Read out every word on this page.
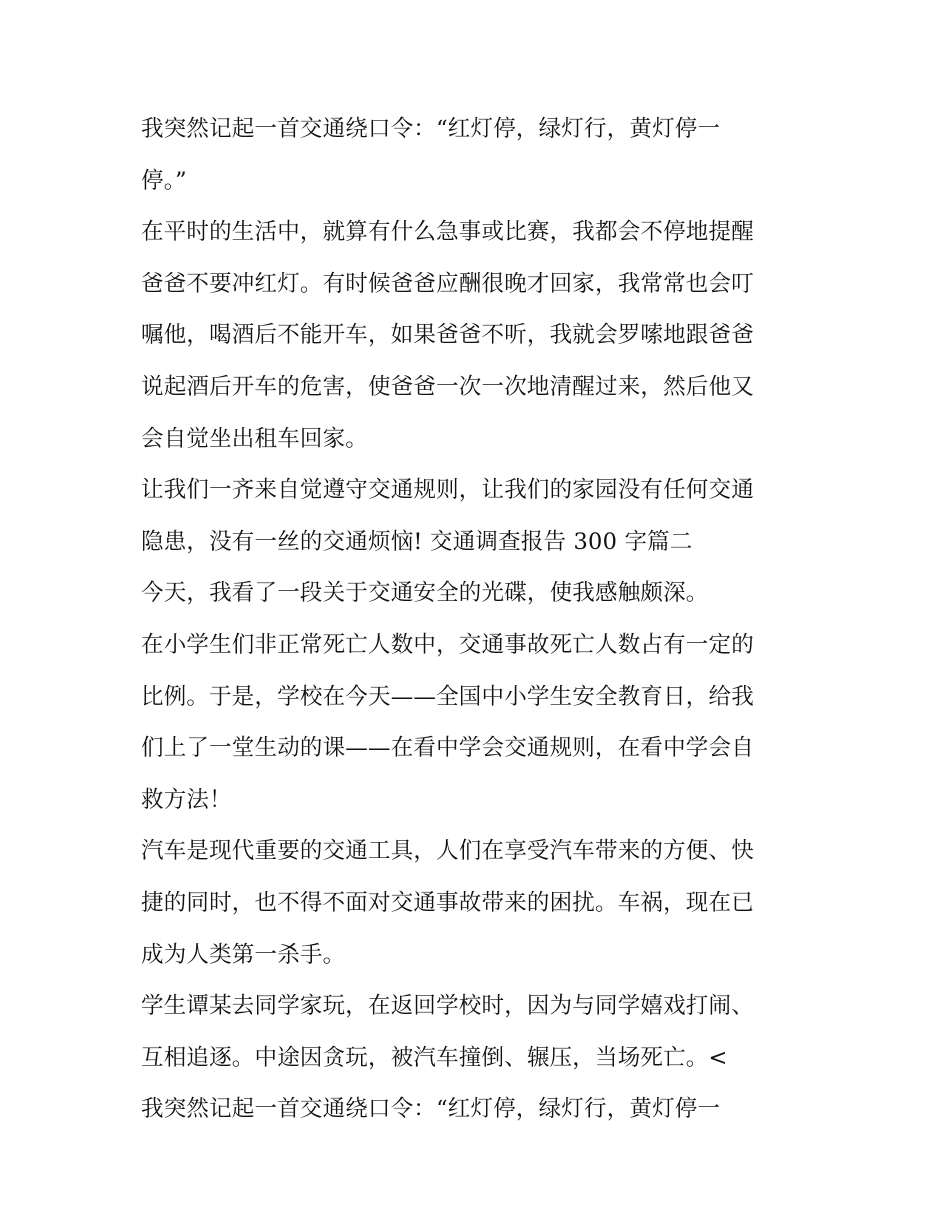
我突然记起一首交通绕口令：“红灯停，绿灯行，黄灯停一
停。”
在平时的生活中，就算有什么急事或比赛，我都会不停地提醒
爸爸不要冲红灯。有时候爸爸应酬很晚才回家，我常常也会叮
嘱他，喝酒后不能开车，如果爸爸不听，我就会罗嗦地跟爸爸
说起酒后开车的危害，使爸爸一次一次地清醒过来，然后他又
会自觉坐出租车回家。
让我们一齐来自觉遵守交通规则，让我们的家园没有任何交通
隐患，没有一丝的交通烦恼! 交通调查报告 300 字篇二
今天，我看了一段关于交通安全的光碟，使我感触颇深。
在小学生们非正常死亡人数中，交通事故死亡人数占有一定的
比例。于是，学校在今天——全国中小学生安全教育日，给我
们上了一堂生动的课——在看中学会交通规则，在看中学会自
救方法！
汽车是现代重要的交通工具，人们在享受汽车带来的方便、快
捷的同时，也不得不面对交通事故带来的困扰。车祸，现在已
成为人类第一杀手。
学生谭某去同学家玩，在返回学校时，因为与同学嬉戏打闹、
互相追逐。中途因贪玩，被汽车撞倒、辗压，当场死亡。<
我突然记起一首交通绕口令：“红灯停，绿灯行，黄灯停一
